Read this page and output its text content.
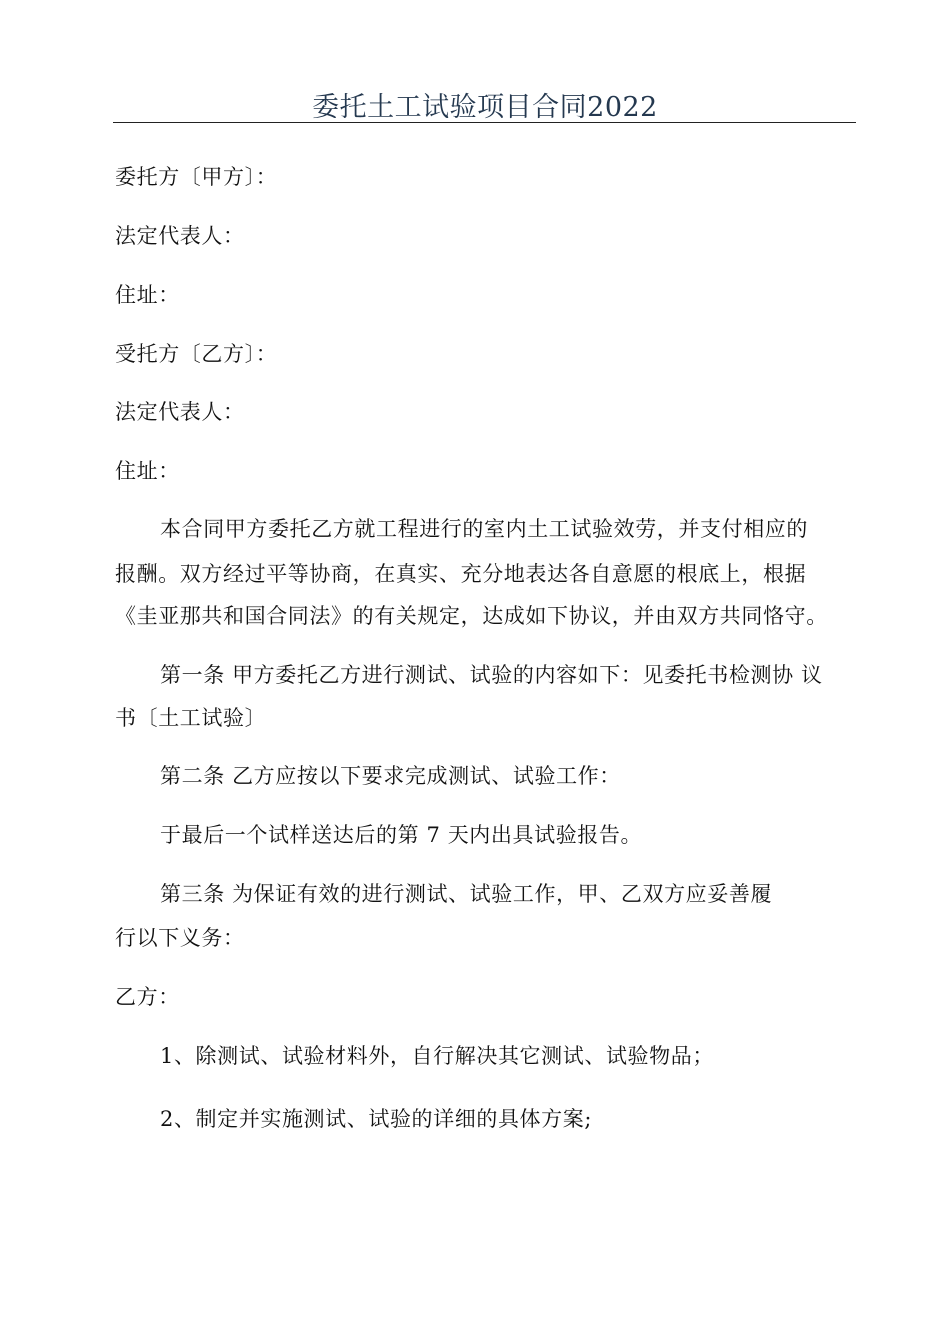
委托土工试验项目合同2022
委托方〔甲方〕：
法定代表人：
住址：
受托方〔乙方〕：
法定代表人：
住址：
本合同甲方委托乙方就工程进行的室内土工试验效劳，并支付相应的
报酬。双方经过平等协商，在真实、充分地表达各自意愿的根底上，根据
《圭亚那共和国合同法》的有关规定，达成如下协议，并由双方共同恪守。
第一条 甲方委托乙方进行测试、试验的内容如下：见委托书检测协 议
书〔土工试验〕
第二条 乙方应按以下要求完成测试、试验工作：
于最后一个试样送达后的第 7 天内出具试验报告。
第三条 为保证有效的进行测试、试验工作，甲、乙双方应妥善履
行以下义务：
乙方：
1、除测试、试验材料外，自行解决其它测试、试验物品；
2、制定并实施测试、试验的详细的具体方案;
